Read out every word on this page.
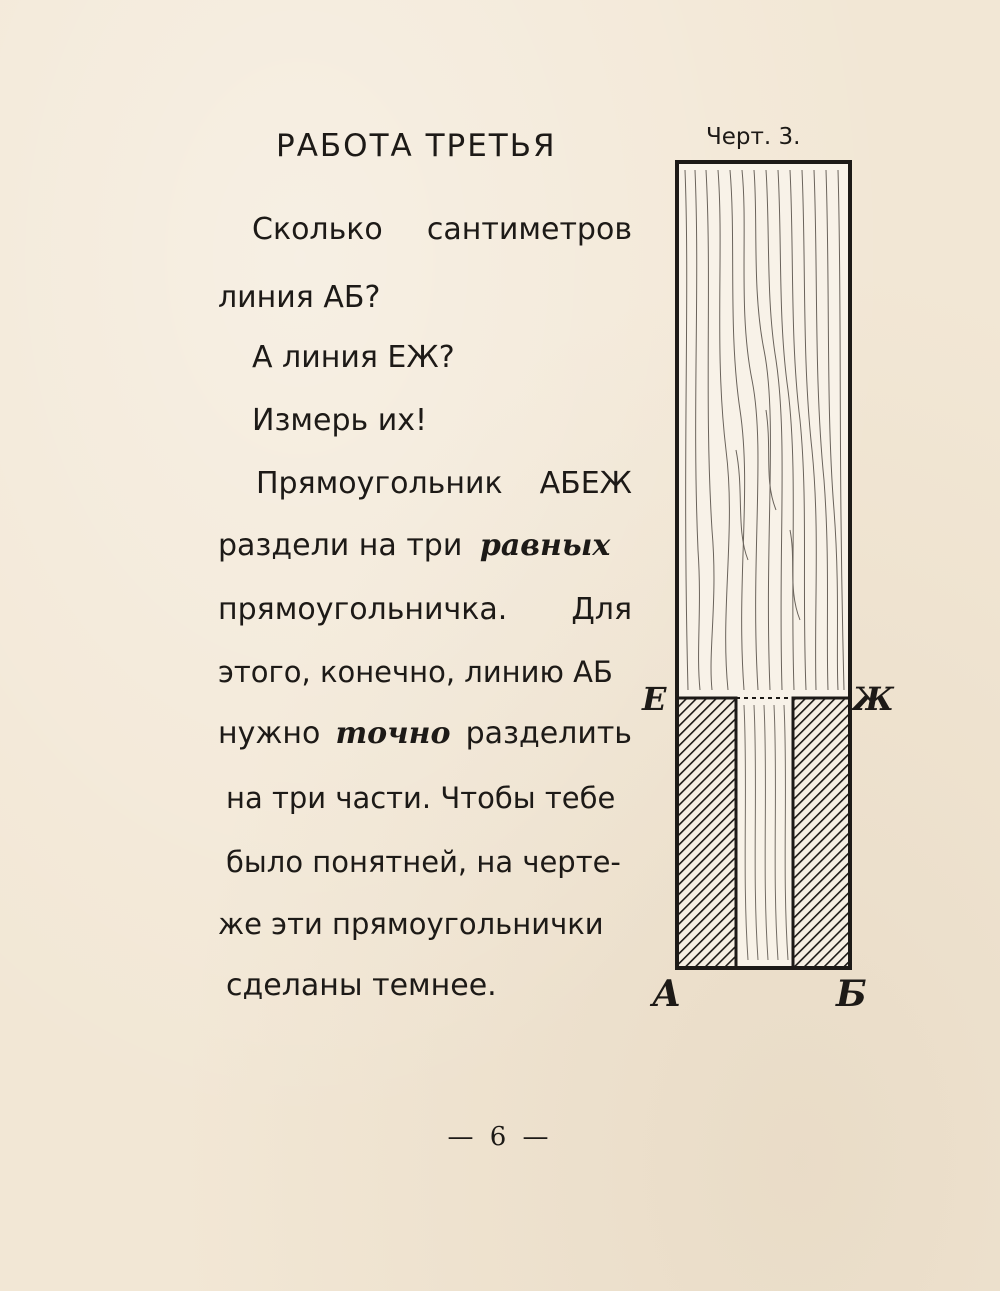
РАБОТА ТРЕТЬЯ	Черт. 3.
Сколько сантиметров
линия АБ?
А линия ЕЖ?
Измерь их!
Прямоугольник АБЕЖ
раздели на три равных
прямоугольничка. Для
этого, конечно, линию АБ
нужно точно разделить
на три части. Чтобы тебе
было понятней, на черте-
же эти прямоугольнички
сделаны темнее.
Е	Ж
А	Б
— 6 —
